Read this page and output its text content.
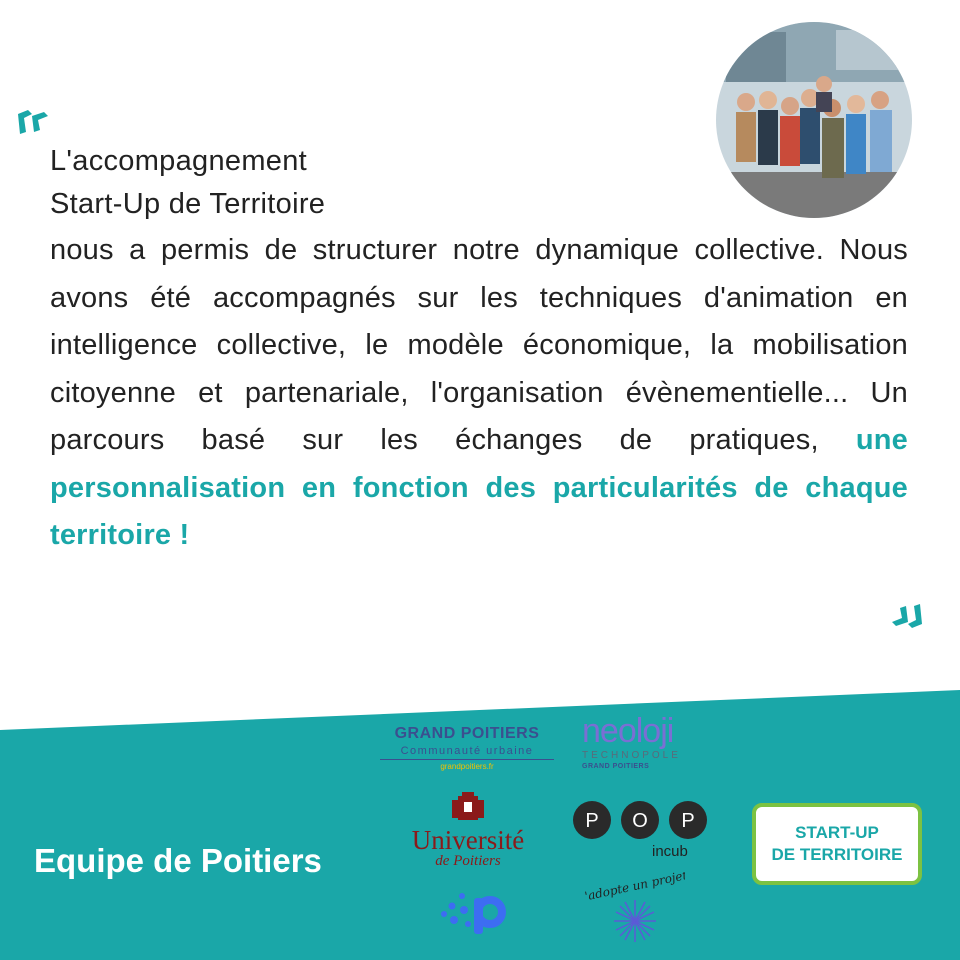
L'accompagnement
Start-Up de Territoire
nous a permis de structurer notre dynamique collective. Nous avons été accompagnés sur les techniques d'animation en intelligence collective, le modèle économique, la mobilisation citoyenne et partenariale, l'organisation évènementielle... Un parcours basé sur les échanges de pratiques, une personnalisation en fonction des particularités de chaque territoire !
Equipe de Poitiers
GRAND POITIERS
Communauté urbaine
grandpoitiers.fr
neoloji
TECHNOPOLE
GRAND POITIERS
Université
de Poitiers
P O P
incub
START-UP
DE TERRITOIRE
j'adopte un projet
